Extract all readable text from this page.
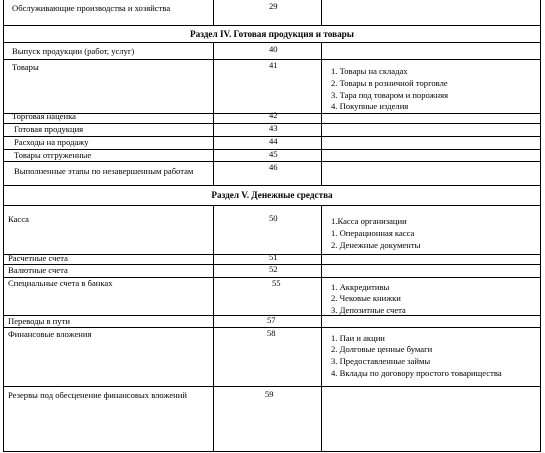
Обслуживающие производства и хозяйства	29
Раздел IV. Готовая продукция и товары
Выпуск продукции (работ, услуг)	40
Товары	41
1. Товары на складах
2. Товары в розничной торговле
3. Тара под товаром и порожняя
4. Покупные изделия
Торговая наценка	42
Готовая продукция	43
Расходы на продажу	44
Товары отгруженные	45
Выполненные этапы по незавершенным работам	46
Раздел V. Денежные средства
Касса	50	1.Касса организации
1. Операционная касса
2. Денежные документы
Расчетные счета	51
Валютные счета	52
Специальные счета в банках	55	1. Аккредитивы
2. Чековые книжки
3. Депозитные счета
Переводы в пути	57
Финансовые вложения	58	1. Паи и акции
2. Долговые ценные бумаги
3. Предоставленные займы
4. Вклады по договору простого товарищества
Резервы под обесценение финансовых вложений	59
